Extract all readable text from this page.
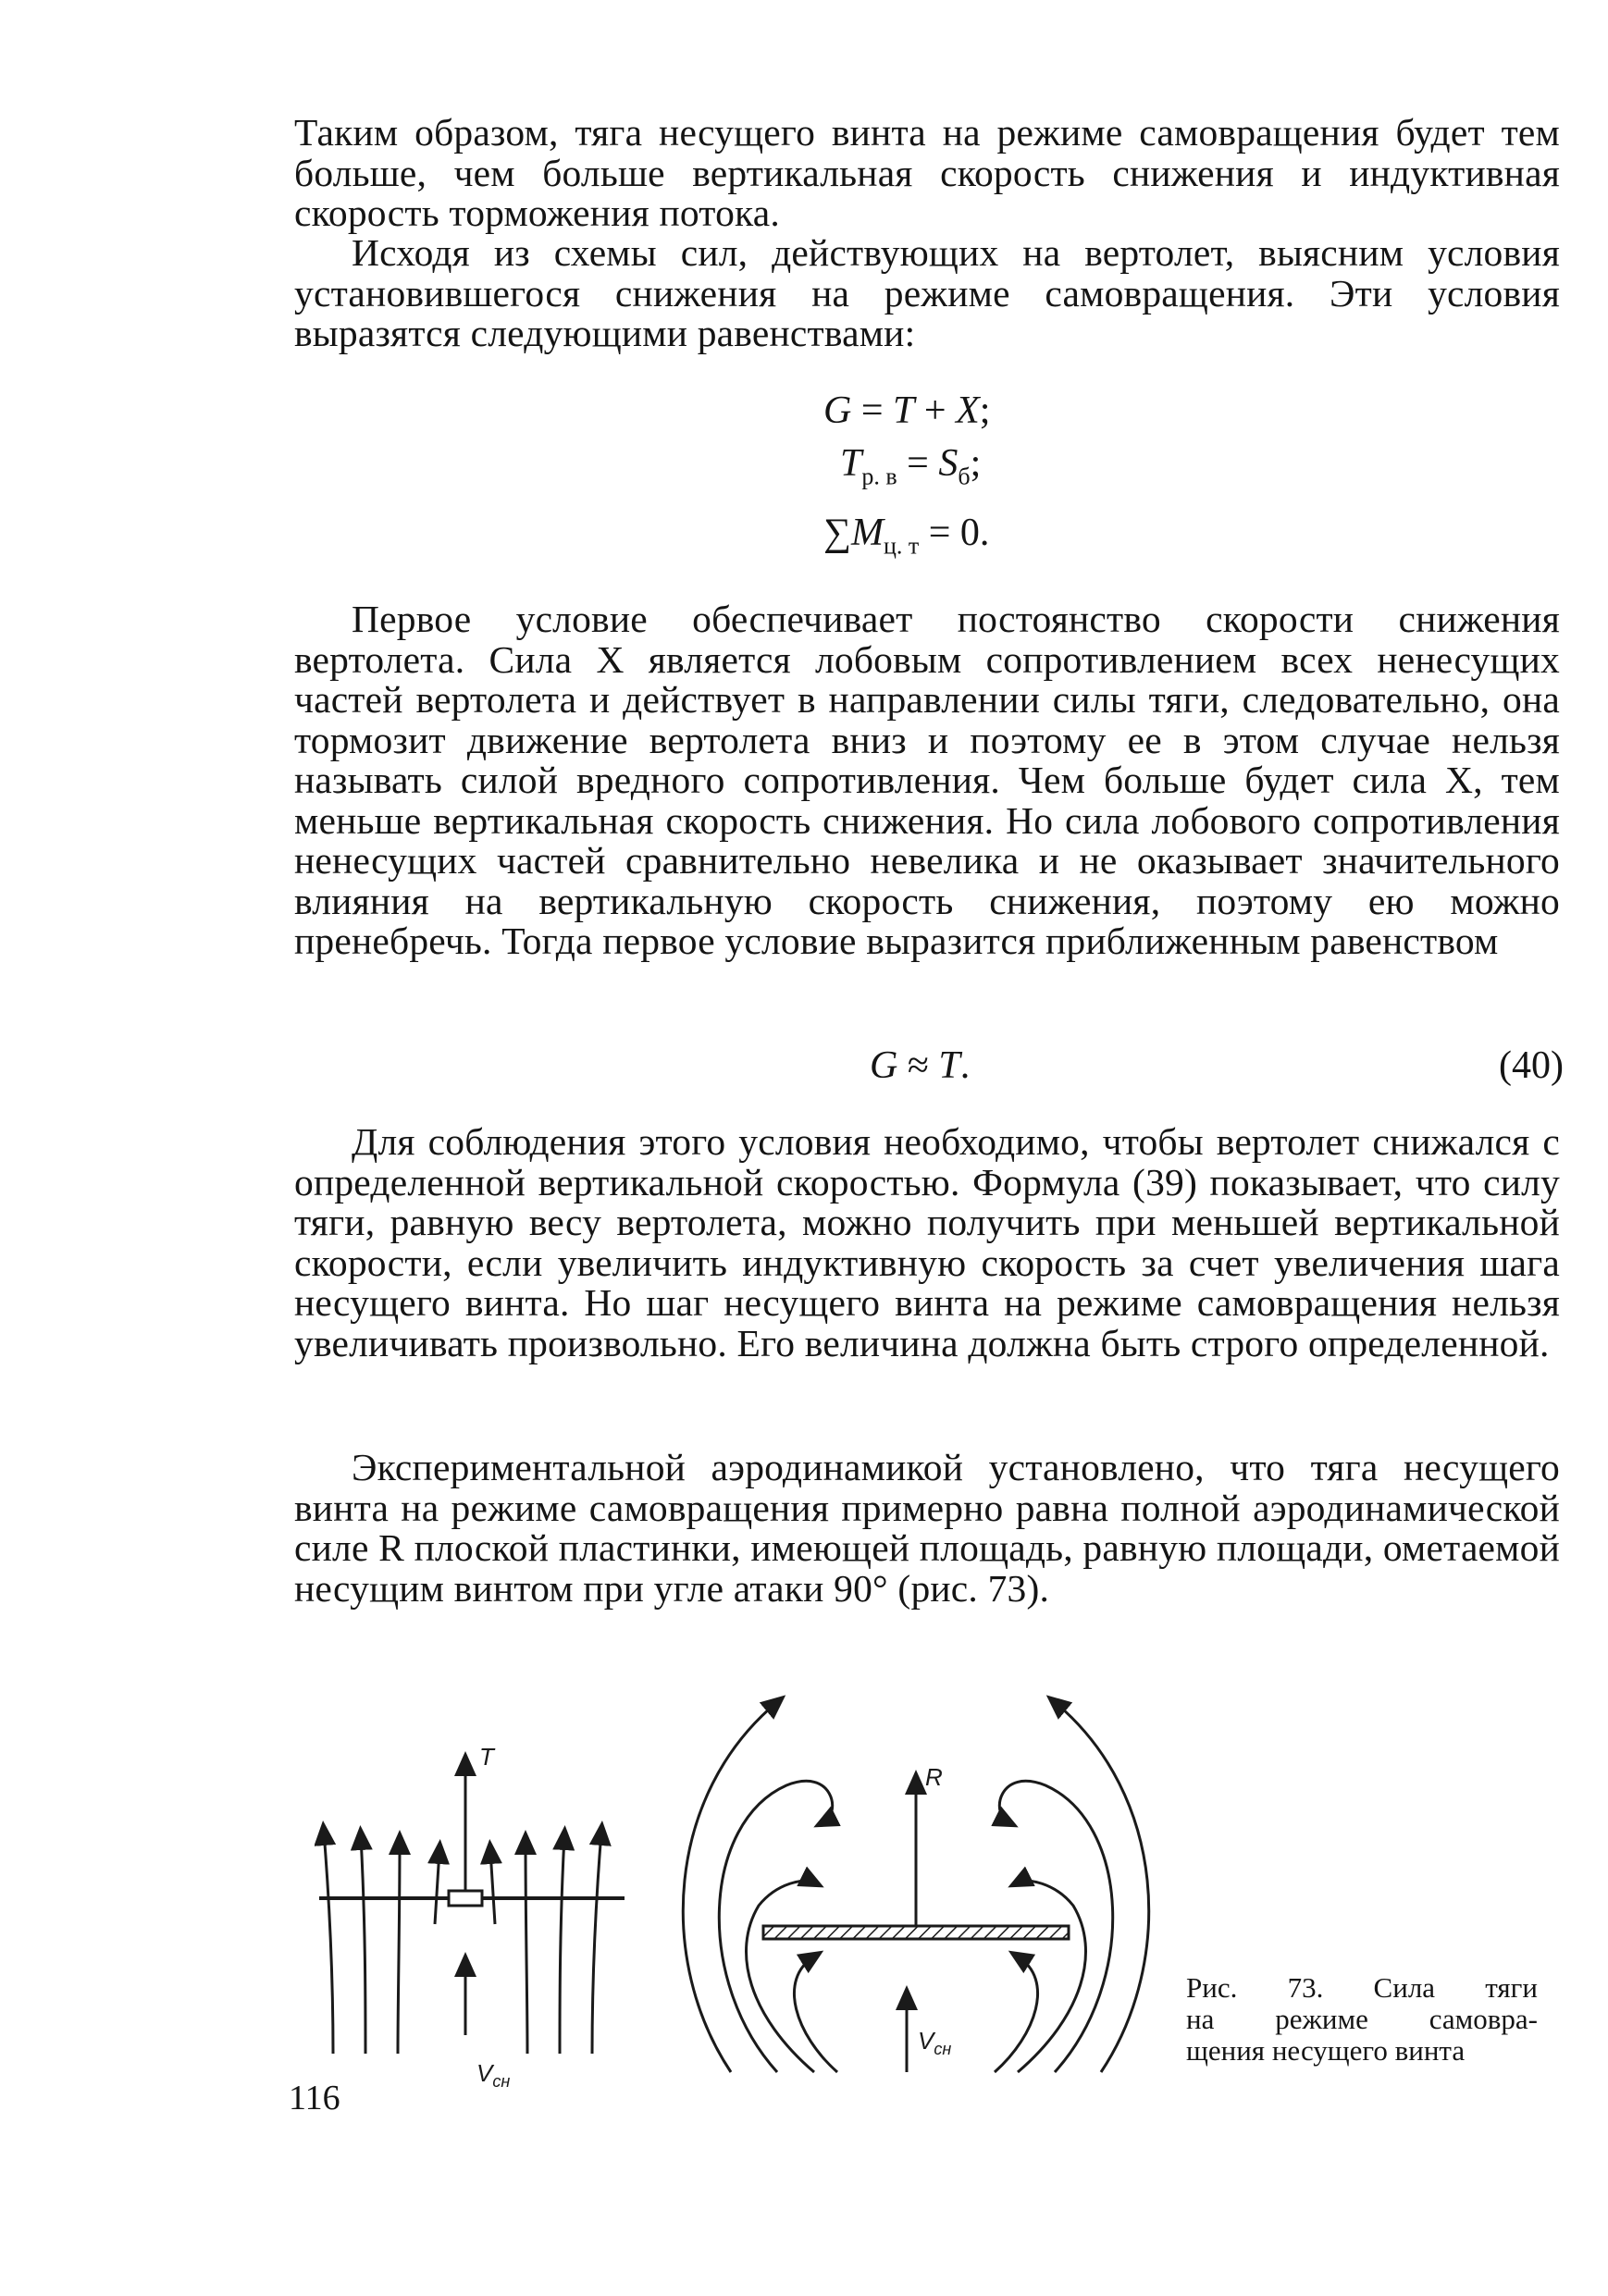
Таким образом, тяга несущего винта на режиме самовращения будет тем больше, чем больше вертикальная скорость снижения и индуктивная скорость торможения потока.

Исходя из схемы сил, действующих на вертолет, выясним условия установившегося снижения на режиме самовращения. Эти условия выразятся следующими равенствами:

G = T + X;
$T_{р. в} = S_б$;
$\sum M_{ц. т} = 0$.

Первое условие обеспечивает постоянство скорости снижения вертолета. Сила X является лобовым сопротивлением всех ненесущих частей вертолета и действует в направлении силы тяги, следовательно, она тормозит движение вертолета вниз и поэтому ее в этом случае нельзя называть силой вредного сопротивления. Чем больше будет сила X, тем меньше вертикальная скорость снижения. Но сила лобового сопротивления ненесущих частей сравнительно невелика и не оказывает значительного влияния на вертикальную скорость снижения, поэтому ею можно пренебречь. Тогда первое условие выразится приближенным равенством

G ≈ T.	(40)

Для соблюдения этого условия необходимо, чтобы вертолет снижался с определенной вертикальной скоростью. Формула (39) показывает, что силу тяги, равную весу вертолета, можно получить при меньшей вертикальной скорости, если увеличить индуктивную скорость за счет увеличения шага несущего винта. Но шаг несущего винта на режиме самовращения нельзя увеличивать произвольно. Его величина должна быть строго определенной.

Экспериментальной аэродинамикой установлено, что тяга несущего винта на режиме самовращения примерно равна полной аэродинамической силе R плоской пластинки, имеющей площадь, равную площади, ометаемой несущим винтом при угле атаки 90° (рис. 73).

T
$V_{сн}$
R
$V_{сн}$
Рис. 73. Сила тяги
на режиме самовра-
щения несущего винта
116
